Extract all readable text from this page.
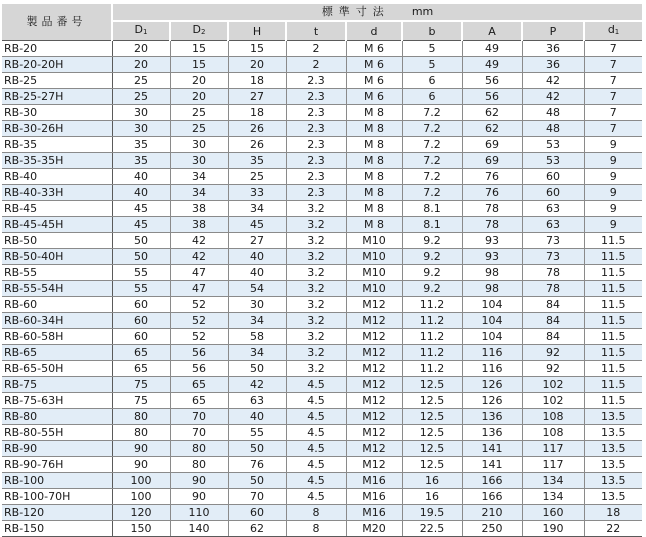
製品番号	標準寸法 mm								
	$D_1$	$D_2$	H	t	d	b	A	P	$d_1$
RB-20	20	15	15	2	M 6	5	49	36	7
RB-20-20H	20	15	20	2	M 6	5	49	36	7
RB-25	25	20	18	2.3	M 6	6	56	42	7
RB-25-27H	25	20	27	2.3	M 6	6	56	42	7
RB-30	30	25	18	2.3	M 8	7.2	62	48	7
RB-30-26H	30	25	26	2.3	M 8	7.2	62	48	7
RB-35	35	30	26	2.3	M 8	7.2	69	53	9
RB-35-35H	35	30	35	2.3	M 8	7.2	69	53	9
RB-40	40	34	25	2.3	M 8	7.2	76	60	9
RB-40-33H	40	34	33	2.3	M 8	7.2	76	60	9
RB-45	45	38	34	3.2	M 8	8.1	78	63	9
RB-45-45H	45	38	45	3.2	M 8	8.1	78	63	9
RB-50	50	42	27	3.2	M10	9.2	93	73	11.5
RB-50-40H	50	42	40	3.2	M10	9.2	93	73	11.5
RB-55	55	47	40	3.2	M10	9.2	98	78	11.5
RB-55-54H	55	47	54	3.2	M10	9.2	98	78	11.5
RB-60	60	52	30	3.2	M12	11.2	104	84	11.5
RB-60-34H	60	52	34	3.2	M12	11.2	104	84	11.5
RB-60-58H	60	52	58	3.2	M12	11.2	104	84	11.5
RB-65	65	56	34	3.2	M12	11.2	116	92	11.5
RB-65-50H	65	56	50	3.2	M12	11.2	116	92	11.5
RB-75	75	65	42	4.5	M12	12.5	126	102	11.5
RB-75-63H	75	65	63	4.5	M12	12.5	126	102	11.5
RB-80	80	70	40	4.5	M12	12.5	136	108	13.5
RB-80-55H	80	70	55	4.5	M12	12.5	136	108	13.5
RB-90	90	80	50	4.5	M12	12.5	141	117	13.5
RB-90-76H	90	80	76	4.5	M12	12.5	141	117	13.5
RB-100	100	90	50	4.5	M16	16	166	134	13.5
RB-100-70H	100	90	70	4.5	M16	16	166	134	13.5
RB-120	120	110	60	8	M16	19.5	210	160	18
RB-150	150	140	62	8	M20	22.5	250	190	22
